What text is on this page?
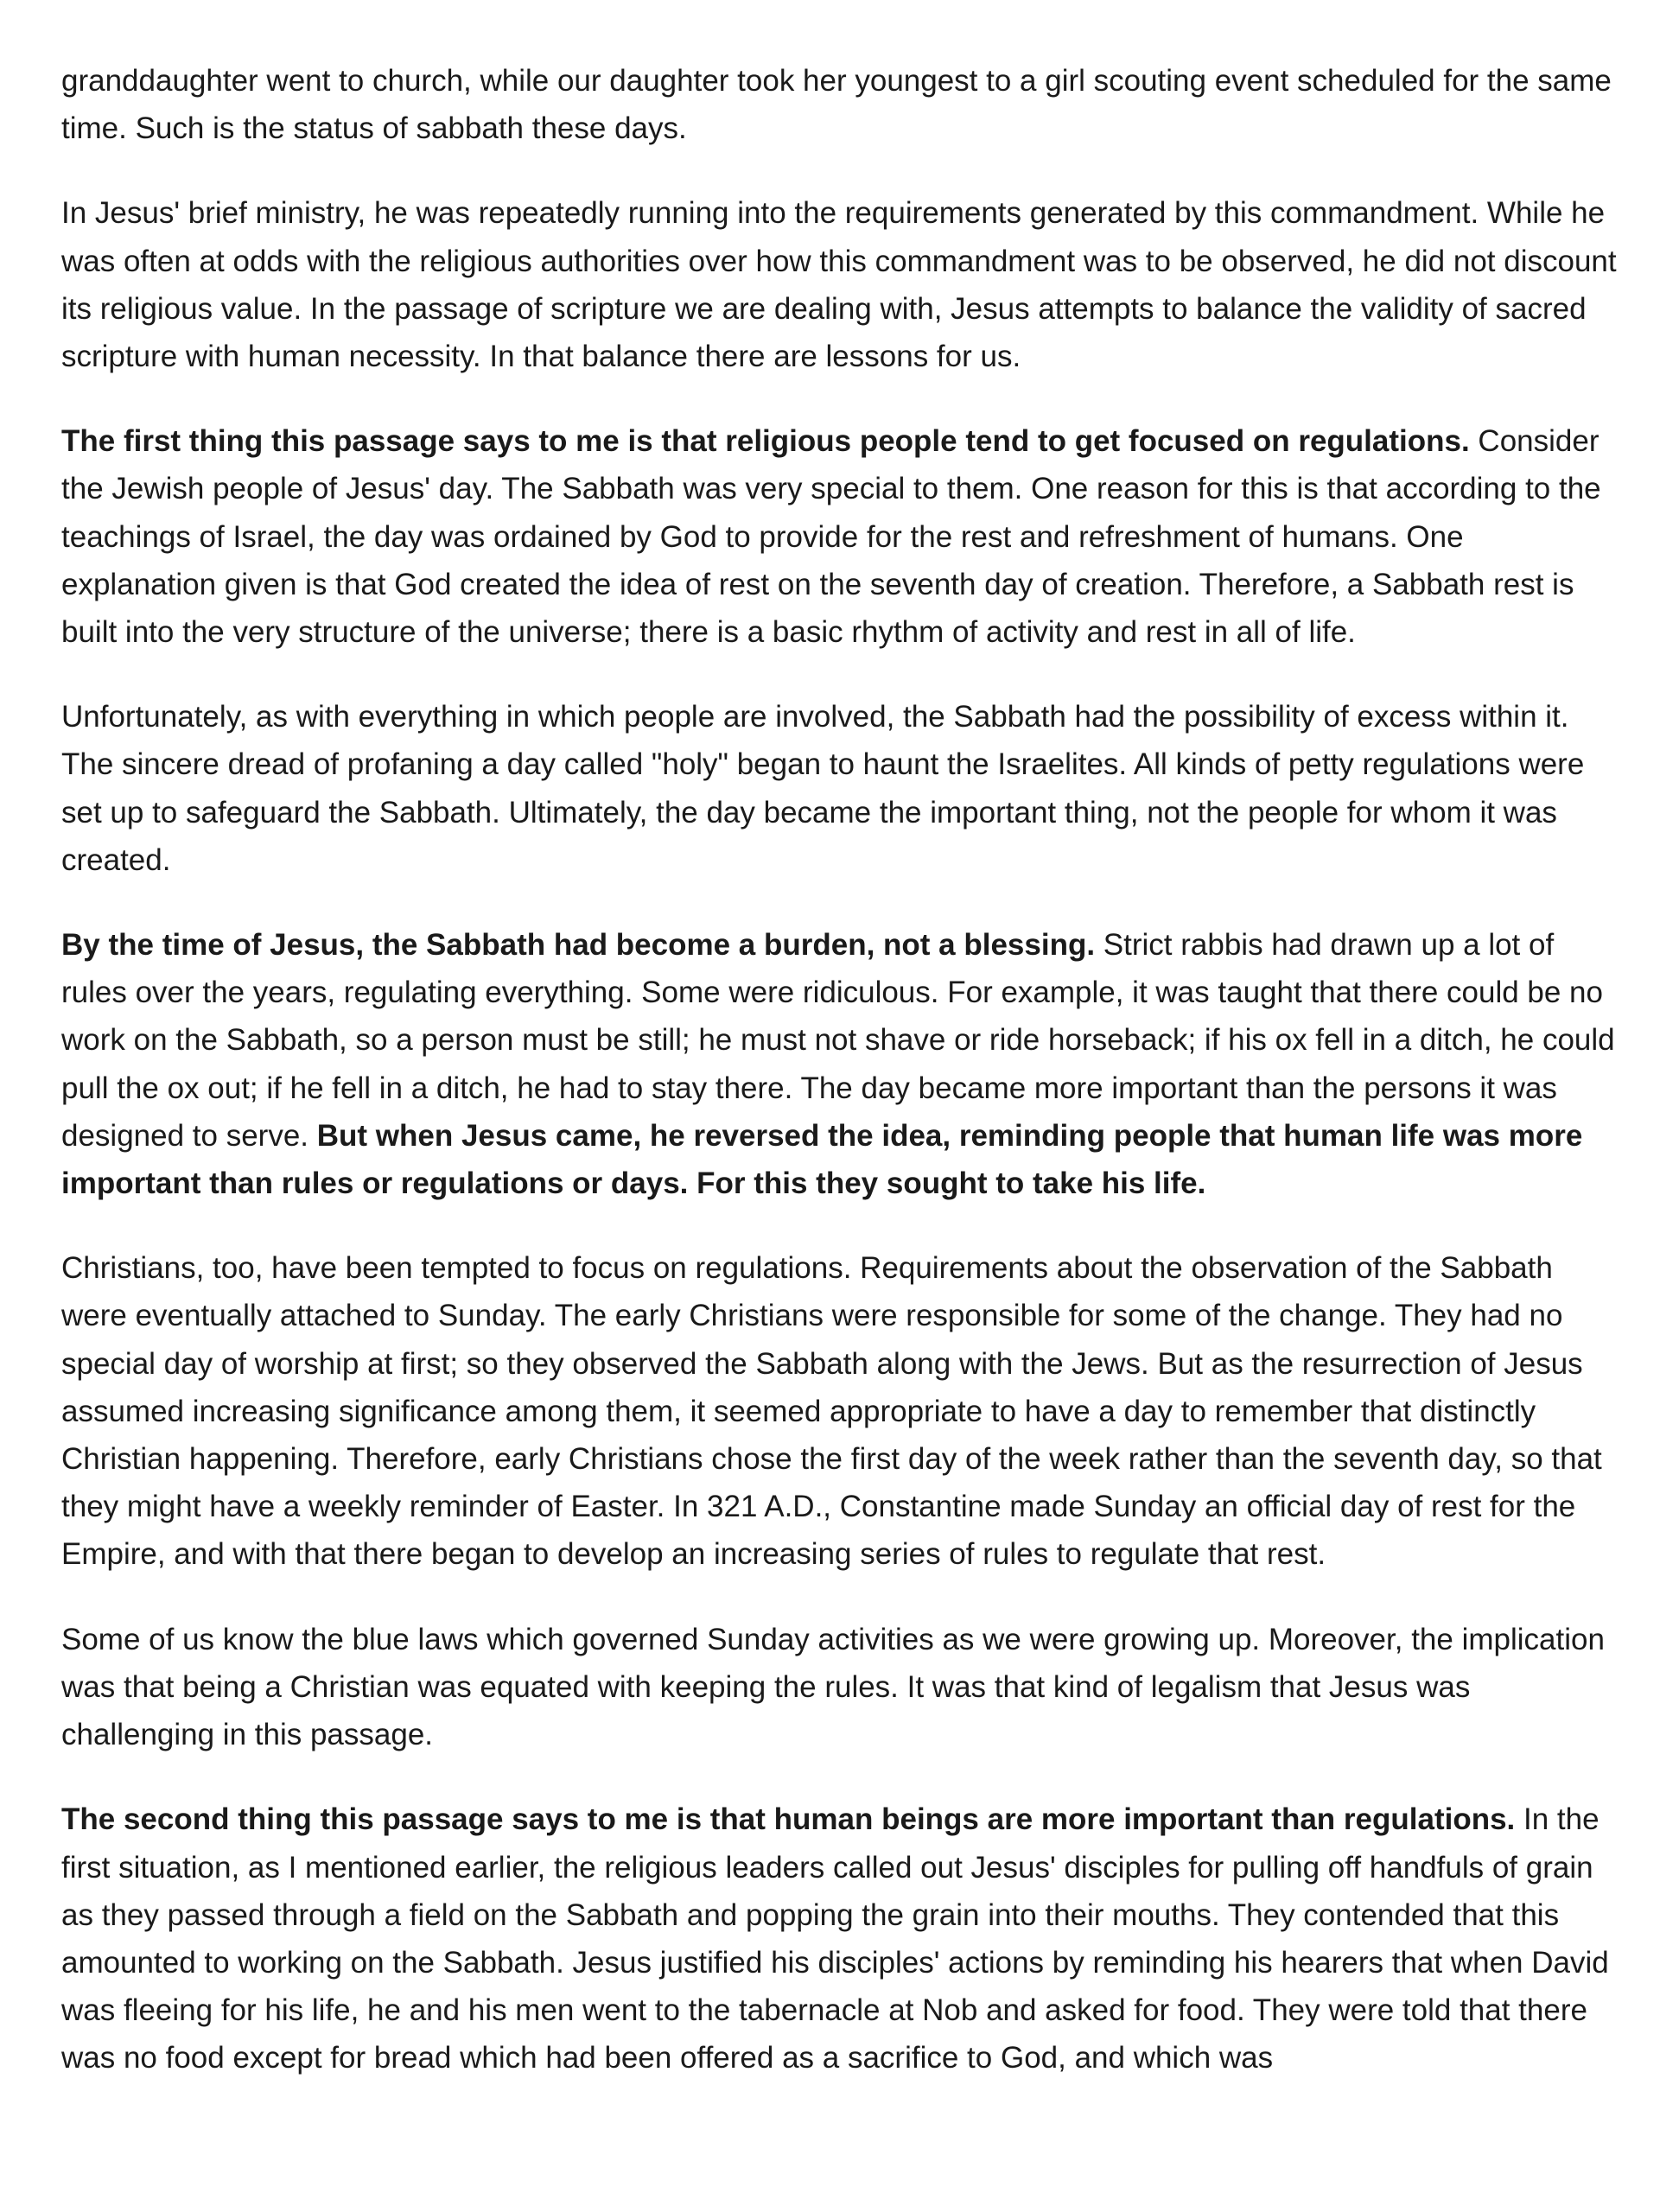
granddaughter went to church, while our daughter took her youngest to a girl scouting event scheduled for the same time. Such is the status of sabbath these days.

In Jesus' brief ministry, he was repeatedly running into the requirements generated by this commandment. While he was often at odds with the religious authorities over how this commandment was to be observed, he did not discount its religious value. In the passage of scripture we are dealing with, Jesus attempts to balance the validity of sacred scripture with human necessity. In that balance there are lessons for us.

The first thing this passage says to me is that religious people tend to get focused on regulations. Consider the Jewish people of Jesus' day. The Sabbath was very special to them. One reason for this is that according to the teachings of Israel, the day was ordained by God to provide for the rest and refreshment of humans. One explanation given is that God created the idea of rest on the seventh day of creation. Therefore, a Sabbath rest is built into the very structure of the universe; there is a basic rhythm of activity and rest in all of life.

Unfortunately, as with everything in which people are involved, the Sabbath had the possibility of excess within it. The sincere dread of profaning a day called "holy" began to haunt the Israelites. All kinds of petty regulations were set up to safeguard the Sabbath. Ultimately, the day became the important thing, not the people for whom it was created.

By the time of Jesus, the Sabbath had become a burden, not a blessing. Strict rabbis had drawn up a lot of rules over the years, regulating everything. Some were ridiculous. For example, it was taught that there could be no work on the Sabbath, so a person must be still; he must not shave or ride horseback; if his ox fell in a ditch, he could pull the ox out; if he fell in a ditch, he had to stay there. The day became more important than the persons it was designed to serve. But when Jesus came, he reversed the idea, reminding people that human life was more important than rules or regulations or days. For this they sought to take his life.

Christians, too, have been tempted to focus on regulations. Requirements about the observation of the Sabbath were eventually attached to Sunday. The early Christians were responsible for some of the change. They had no special day of worship at first; so they observed the Sabbath along with the Jews. But as the resurrection of Jesus assumed increasing significance among them, it seemed appropriate to have a day to remember that distinctly Christian happening. Therefore, early Christians chose the first day of the week rather than the seventh day, so that they might have a weekly reminder of Easter. In 321 A.D., Constantine made Sunday an official day of rest for the Empire, and with that there began to develop an increasing series of rules to regulate that rest.

Some of us know the blue laws which governed Sunday activities as we were growing up. Moreover, the implication was that being a Christian was equated with keeping the rules. It was that kind of legalism that Jesus was challenging in this passage.

The second thing this passage says to me is that human beings are more important than regulations. In the first situation, as I mentioned earlier, the religious leaders called out Jesus' disciples for pulling off handfuls of grain as they passed through a field on the Sabbath and popping the grain into their mouths. They contended that this amounted to working on the Sabbath. Jesus justified his disciples' actions by reminding his hearers that when David was fleeing for his life, he and his men went to the tabernacle at Nob and asked for food. They were told that there was no food except for bread which had been offered as a sacrifice to God, and which was
